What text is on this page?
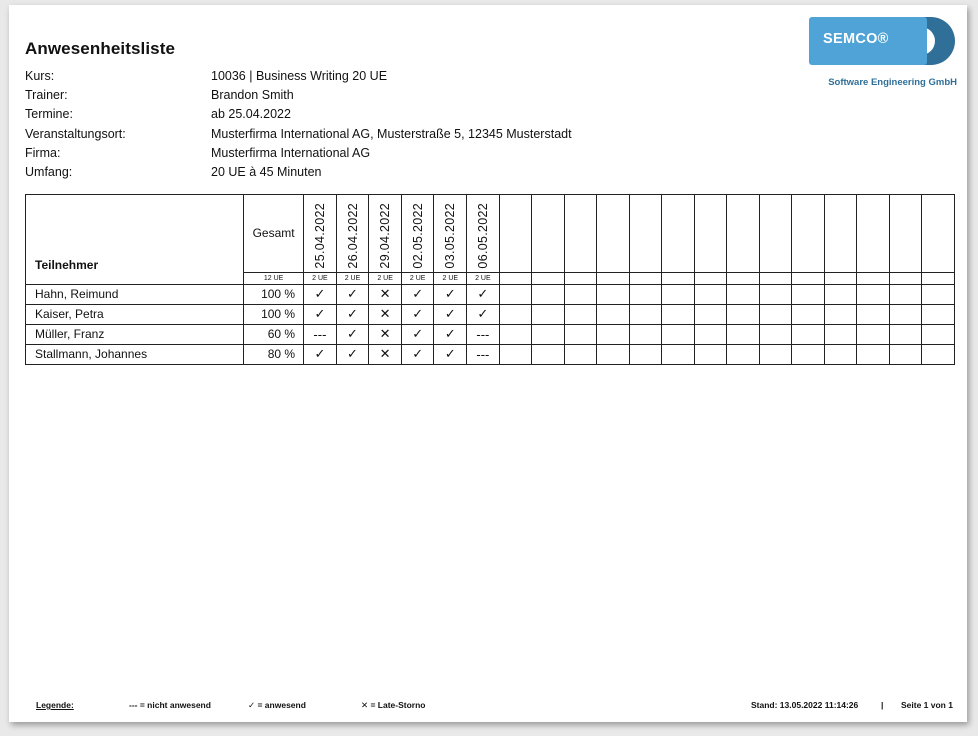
Anwesenheitsliste
Kurs:	10036 | Business Writing 20 UE
Trainer:	Brandon Smith
Termine:	ab 25.04.2022
Veranstaltungsort:	Musterfirma International AG, Musterstraße 5, 12345 Musterstadt
Firma:	Musterfirma International AG
Umfang:	20 UE à 45 Minuten
SEMCO®
Software Engineering GmbH
Teilnehmer	Gesamt	25.04.2022	26.04.2022	29.04.2022	02.05.2022	03.05.2022	06.05.2022														
	12 UE	2 UE	2 UE	2 UE	2 UE	2 UE	2 UE														
Hahn, Reimund	100 %	✓	✓	✕	✓	✓	✓														
Kaiser, Petra	100 %	✓	✓	✕	✓	✓	✓														
Müller, Franz	60 %	---	✓	✕	✓	✓	---														
Stallmann, Johannes	80 %	✓	✓	✕	✓	✓	---														
Legende:	--- = nicht anwesend	✓ = anwesend	✕ = Late-Storno	Stand: 13.05.2022 11:14:26	| Seite 1 von 1
